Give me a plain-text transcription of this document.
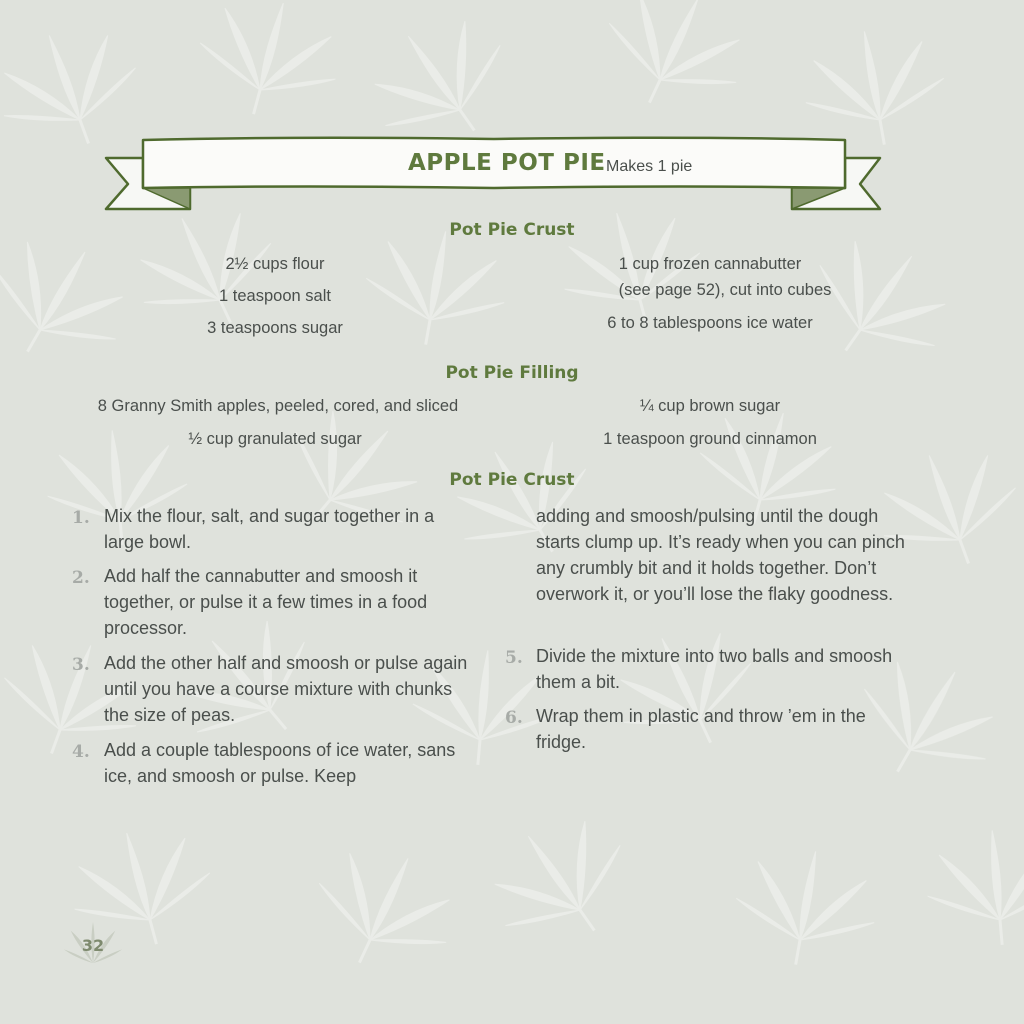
APPLE POT PIE Makes 1 pie
Pot Pie Crust
2½ cups flour
1 teaspoon salt
3 teaspoons sugar
1 cup frozen cannabutter
(see page 52), cut into cubes
6 to 8 tablespoons ice water
Pot Pie Filling
8 Granny Smith apples, peeled, cored, and sliced
½ cup granulated sugar
¼ cup brown sugar
1 teaspoon ground cinnamon
Pot Pie Crust
1. Mix the flour, salt, and sugar together in a large bowl.
2. Add half the cannabutter and smoosh it together, or pulse it a few times in a food processor.
3. Add the other half and smoosh or pulse again until you have a course mixture with chunks the size of peas.
4. Add a couple tablespoons of ice water, sans ice, and smoosh or pulse. Keep
adding and smoosh/pulsing until the dough starts clump up. It’s ready when you can pinch any crumbly bit and it holds together. Don’t overwork it, or you’ll lose the flaky goodness.
5. Divide the mixture into two balls and smoosh them a bit.
6. Wrap them in plastic and throw ’em in the fridge.
32
